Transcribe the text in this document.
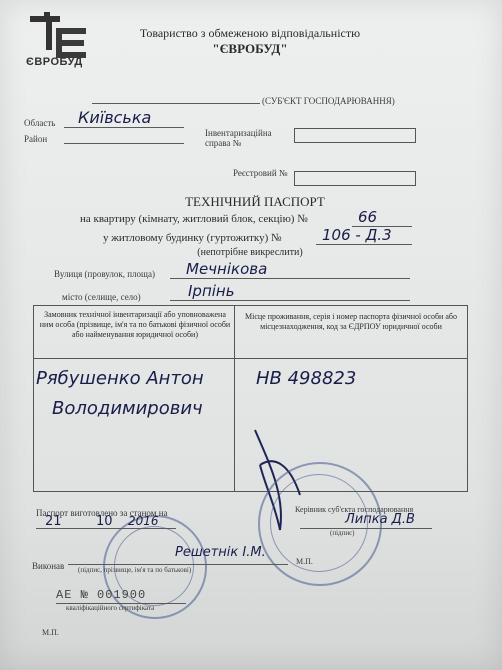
ЄВРОБУД
Товариство з обмеженою відповідальністю
"ЄВРОБУД"
(СУБ'ЄКТ ГОСПОДАРЮВАННЯ)
Область Київська
Район
Інвентаризаційна справа №
Реєстровий №
ТЕХНІЧНИЙ ПАСПОРТ
на квартиру (кімнату, житловий блок, секцію) №	66
у житловому будинку (гуртожитку) №	106 - Д.3
(непотрібне викреслити)
Вулиця (провулок, площа) Мечнікова
місто (селище, село)	Ірпінь
Замовник технічної інвентаризації або уповноважена ним особа (прізвище, ім'я та по батькові фізичної особи або найменування юридичної особи)
Місце проживання, серія і номер паспорта фізичної особи або місцезнаходження, код за ЄДРПОУ юридичної особи
Рябушенко Антон
Володимирович
НВ 498823
Паспорт виготовлено за станом на
21	10 2016
Керівник суб'єкта господарювання
Липка Д.В
(підпис)
Виконав
Решетнік І.М.
(підпис, прізвище, ім'я та по батькові)
М.П.
АЕ № 001900
кваліфікаційного сертифіката
М.П.
